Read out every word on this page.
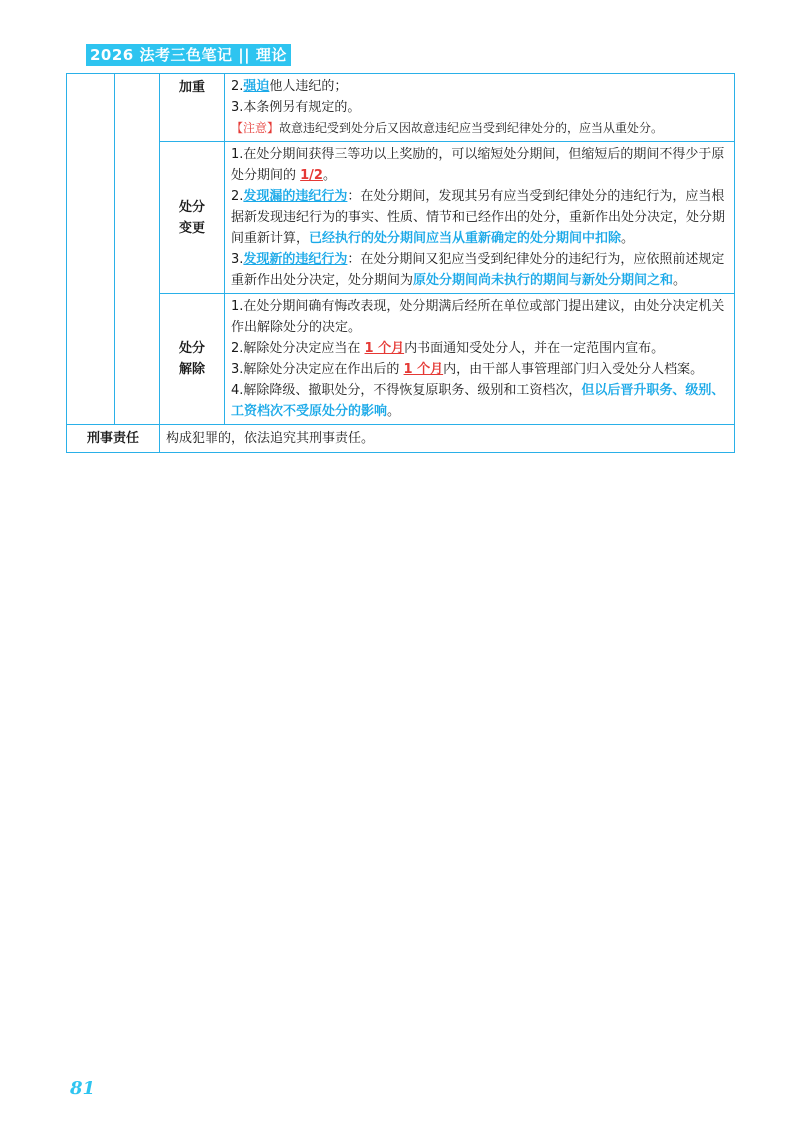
2026 法考三色笔记 || 理论
		加重	2.强迫他人违纪的；
3.本条例另有规定的。
【注意】故意违纪受到处分后又因故意违纪应当受到纪律处分的，应当从重处分。

		处分
变更	1.在处分期间获得三等功以上奖励的，可以缩短处分期间，但缩短后的期间不得少于原处分期间的 1/2。
2.发现漏的违纪行为：在处分期间，发现其另有应当受到纪律处分的违纪行为，应当根据新发现违纪行为的事实、性质、情节和已经作出的处分，重新作出处分决定，处分期间重新计算，已经执行的处分期间应当从重新确定的处分期间中扣除。
3.发现新的违纪行为：在处分期间又犯应当受到纪律处分的违纪行为，应依照前述规定重新作出处分决定，处分期间为原处分期间尚未执行的期间与新处分期间之和。

		处分
解除	1.在处分期间确有悔改表现，处分期满后经所在单位或部门提出建议，由处分决定机关作出解除处分的决定。
2.解除处分决定应当在 1 个月内书面通知受处分人，并在一定范围内宣布。
3.解除处分决定应在作出后的 1 个月内，由干部人事管理部门归入受处分人档案。
4.解除降级、撤职处分，不得恢复原职务、级别和工资档次，但以后晋升职务、级别、工资档次不受原处分的影响。

刑事责任		构成犯罪的，依法追究其刑事责任。	
81
